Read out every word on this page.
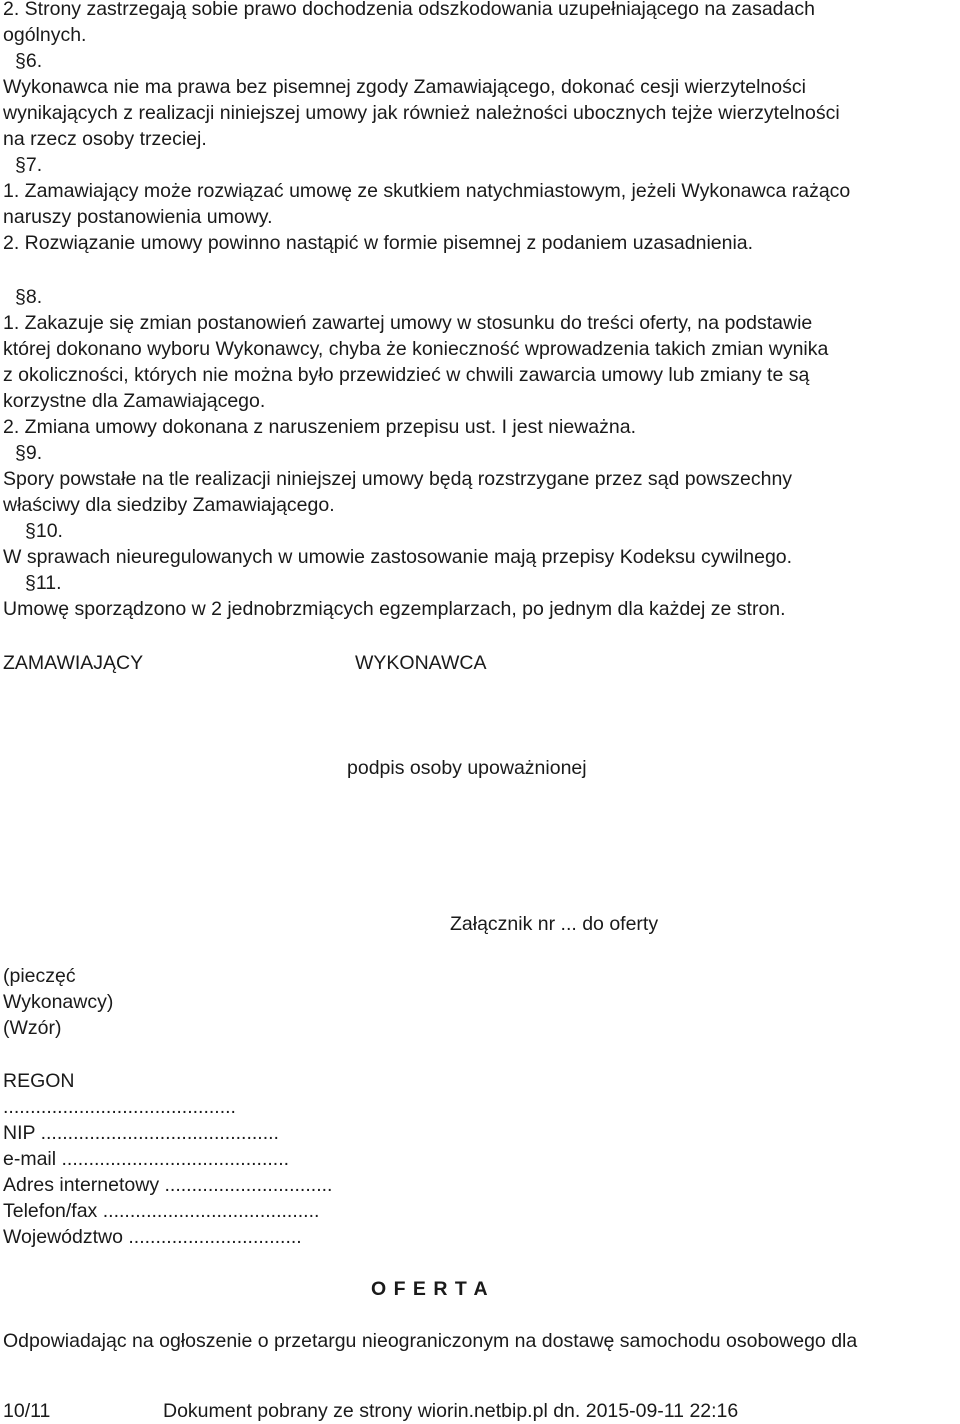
2. Strony zastrzegają sobie prawo dochodzenia odszkodowania uzupełniającego na zasadach
ogólnych.
§6.
Wykonawca nie ma prawa bez pisemnej zgody Zamawiającego, dokonać cesji wierzytelności
wynikających z realizacji niniejszej umowy jak również należności ubocznych tejże wierzytelności
na rzecz osoby trzeciej.
§7.
1. Zamawiający może rozwiązać umowę ze skutkiem natychmiastowym, jeżeli Wykonawca rażąco
naruszy postanowienia umowy.
2. Rozwiązanie umowy powinno nastąpić w formie pisemnej z podaniem uzasadnienia.
§8.
1. Zakazuje się zmian postanowień zawartej umowy w stosunku do treści oferty, na podstawie
której dokonano wyboru Wykonawcy, chyba że konieczność wprowadzenia takich zmian wynika
z okoliczności, których nie można było przewidzieć w chwili zawarcia umowy lub zmiany te są
korzystne dla Zamawiającego.
2. Zmiana umowy dokonana z naruszeniem przepisu ust. I jest nieważna.
§9.
Spory powstałe na tle realizacji niniejszej umowy będą rozstrzygane przez sąd powszechny
właściwy dla siedziby Zamawiającego.
§10.
W sprawach nieuregulowanych w umowie zastosowanie mają przepisy Kodeksu cywilnego.
§11.
Umowę sporządzono w 2 jednobrzmiących egzemplarzach, po jednym dla każdej ze stron.
ZAMAWIAJĄCY	WYKONAWCA
podpis osoby upoważnionej
Załącznik nr ... do oferty
(pieczęć
Wykonawcy)
(Wzór)
REGON
...........................................
NIP ............................................
e-mail ..........................................
Adres internetowy ...............................
Telefon/fax ........................................
Województwo ................................
O F E R T A
Odpowiadając na ogłoszenie o przetargu nieograniczonym na dostawę samochodu osobowego dla
10/11	Dokument pobrany ze strony wiorin.netbip.pl dn. 2015-09-11 22:16
